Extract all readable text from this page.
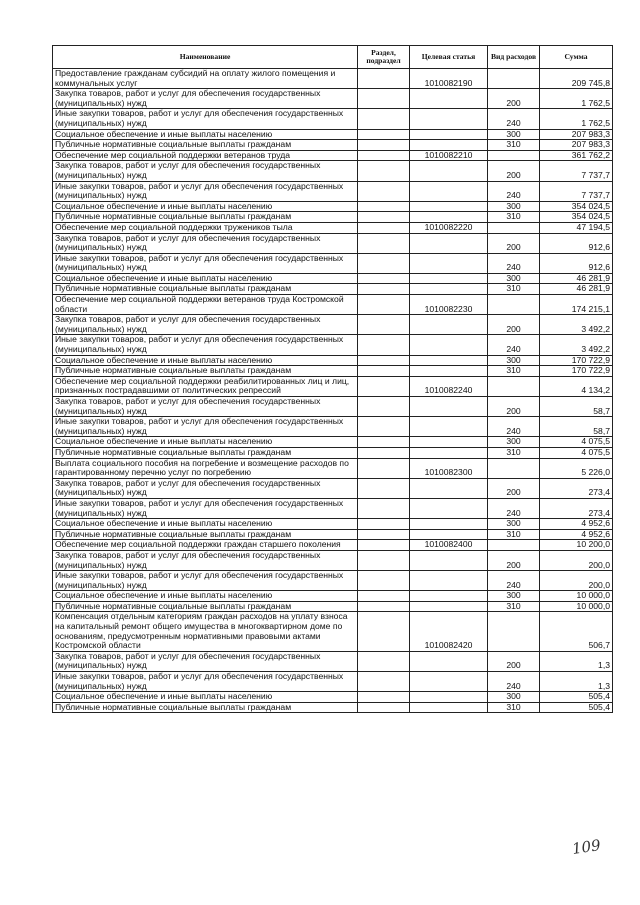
Наименование	Раздел, подраздел	Целевая статья	Вид расходов	Сумма
Предоставление гражданам субсидий на оплату жилого помещения и коммунальных услуг		1010082190		209 745,8
Закупка товаров, работ и услуг для обеспечения государственных (муниципальных) нужд			200	1 762,5
Иные закупки товаров, работ и услуг для обеспечения государственных (муниципальных) нужд			240	1 762,5
Социальное обеспечение и иные выплаты населению			300	207 983,3
Публичные нормативные социальные выплаты гражданам			310	207 983,3
Обеспечение мер социальной поддержки ветеранов труда		1010082210		361 762,2
Закупка товаров, работ и услуг для обеспечения государственных (муниципальных) нужд			200	7 737,7
Иные закупки товаров, работ и услуг для обеспечения государственных (муниципальных) нужд			240	7 737,7
Социальное обеспечение и иные выплаты населению			300	354 024,5
Публичные нормативные социальные выплаты гражданам			310	354 024,5
Обеспечение мер социальной поддержки тружеников тыла		1010082220		47 194,5
Закупка товаров, работ и услуг для обеспечения государственных (муниципальных) нужд			200	912,6
Иные закупки товаров, работ и услуг для обеспечения государственных (муниципальных) нужд			240	912,6
Социальное обеспечение и иные выплаты населению			300	46 281,9
Публичные нормативные социальные выплаты гражданам			310	46 281,9
Обеспечение мер социальной поддержки ветеранов труда Костромской области		1010082230		174 215,1
Закупка товаров, работ и услуг для обеспечения государственных (муниципальных) нужд			200	3 492,2
Иные закупки товаров, работ и услуг для обеспечения государственных (муниципальных) нужд			240	3 492,2
Социальное обеспечение и иные выплаты населению			300	170 722,9
Публичные нормативные социальные выплаты гражданам			310	170 722,9
Обеспечение мер социальной поддержки реабилитированных лиц и лиц, признанных пострадавшими от политических репрессий		1010082240		4 134,2
Закупка товаров, работ и услуг для обеспечения государственных (муниципальных) нужд			200	58,7
Иные закупки товаров, работ и услуг для обеспечения государственных (муниципальных) нужд			240	58,7
Социальное обеспечение и иные выплаты населению			300	4 075,5
Публичные нормативные социальные выплаты гражданам			310	4 075,5
Выплата социального пособия на погребение и возмещение расходов по гарантированному перечню услуг по погребению		1010082300		5 226,0
Закупка товаров, работ и услуг для обеспечения государственных (муниципальных) нужд			200	273,4
Иные закупки товаров, работ и услуг для обеспечения государственных (муниципальных) нужд			240	273,4
Социальное обеспечение и иные выплаты населению			300	4 952,6
Публичные нормативные социальные выплаты гражданам			310	4 952,6
Обеспечение мер социальной поддержки граждан старшего поколения		1010082400		10 200,0
Закупка товаров, работ и услуг для обеспечения государственных (муниципальных) нужд			200	200,0
Иные закупки товаров, работ и услуг для обеспечения государственных (муниципальных) нужд			240	200,0
Социальное обеспечение и иные выплаты населению			300	10 000,0
Публичные нормативные социальные выплаты гражданам			310	10 000,0
Компенсация отдельным категориям граждан расходов на уплату взноса на капитальный ремонт общего имущества в многоквартирном доме по основаниям, предусмотренным нормативными правовыми актами Костромской области		1010082420		506,7
Закупка товаров, работ и услуг для обеспечения государственных (муниципальных) нужд			200	1,3
Иные закупки товаров, работ и услуг для обеспечения государственных (муниципальных) нужд			240	1,3
Социальное обеспечение и иные выплаты населению			300	505,4
Публичные нормативные социальные выплаты гражданам			310	505,4
109
